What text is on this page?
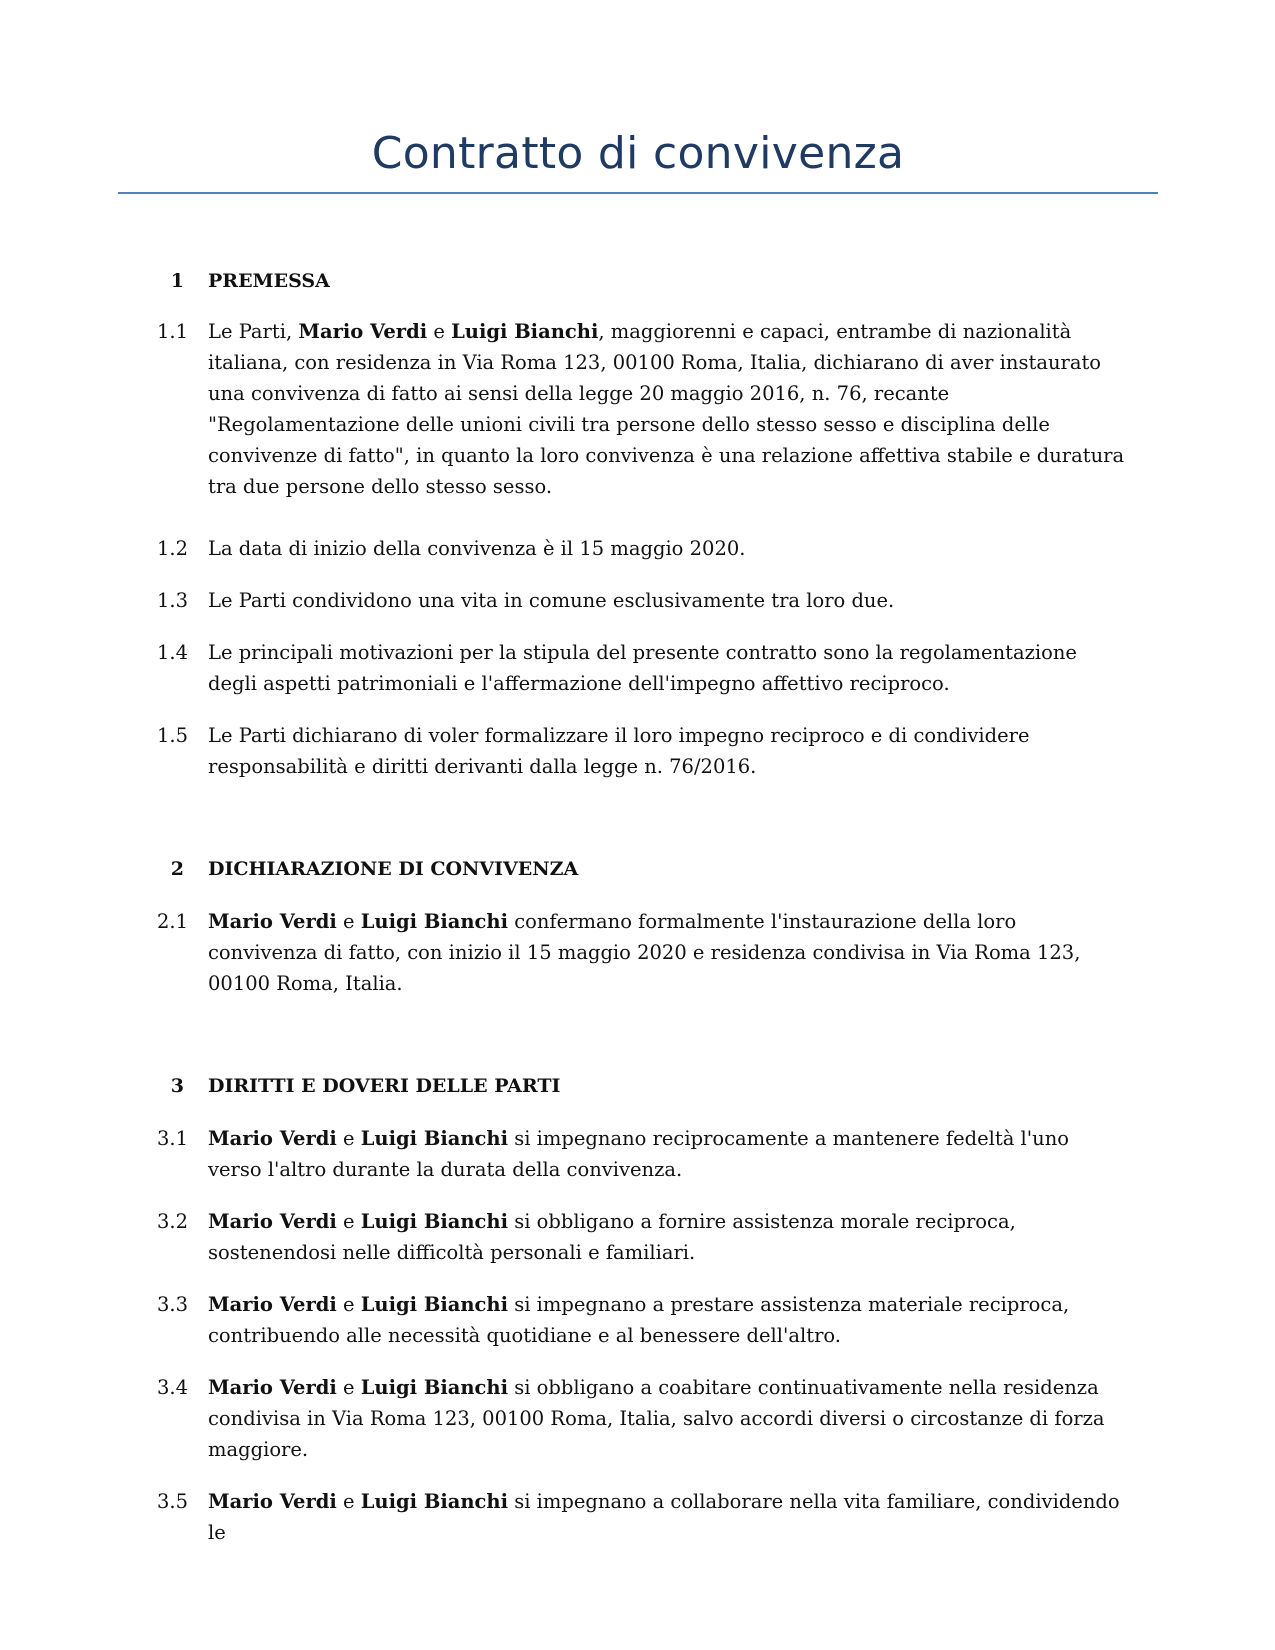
Contratto di convivenza
1 PREMESSA
1.1 Le Parti, Mario Verdi e Luigi Bianchi, maggiorenni e capaci, entrambe di nazionalità italiana, con residenza in Via Roma 123, 00100 Roma, Italia, dichiarano di aver instaurato una convivenza di fatto ai sensi della legge 20 maggio 2016, n. 76, recante "Regolamentazione delle unioni civili tra persone dello stesso sesso e disciplina delle convivenze di fatto", in quanto la loro convivenza è una relazione affettiva stabile e duratura tra due persone dello stesso sesso.
1.2 La data di inizio della convivenza è il 15 maggio 2020.
1.3 Le Parti condividono una vita in comune esclusivamente tra loro due.
1.4 Le principali motivazioni per la stipula del presente contratto sono la regolamentazione degli aspetti patrimoniali e l'affermazione dell'impegno affettivo reciproco.
1.5 Le Parti dichiarano di voler formalizzare il loro impegno reciproco e di condividere responsabilità e diritti derivanti dalla legge n. 76/2016.
2 DICHIARAZIONE DI CONVIVENZA
2.1 Mario Verdi e Luigi Bianchi confermano formalmente l'instaurazione della loro convivenza di fatto, con inizio il 15 maggio 2020 e residenza condivisa in Via Roma 123, 00100 Roma, Italia.
3 DIRITTI E DOVERI DELLE PARTI
3.1 Mario Verdi e Luigi Bianchi si impegnano reciprocamente a mantenere fedeltà l'uno verso l'altro durante la durata della convivenza.
3.2 Mario Verdi e Luigi Bianchi si obbligano a fornire assistenza morale reciproca, sostenendosi nelle difficoltà personali e familiari.
3.3 Mario Verdi e Luigi Bianchi si impegnano a prestare assistenza materiale reciproca, contribuendo alle necessità quotidiane e al benessere dell'altro.
3.4 Mario Verdi e Luigi Bianchi si obbligano a coabitare continuativamente nella residenza condivisa in Via Roma 123, 00100 Roma, Italia, salvo accordi diversi o circostanze di forza maggiore.
3.5 Mario Verdi e Luigi Bianchi si impegnano a collaborare nella vita familiare, condividendo le
